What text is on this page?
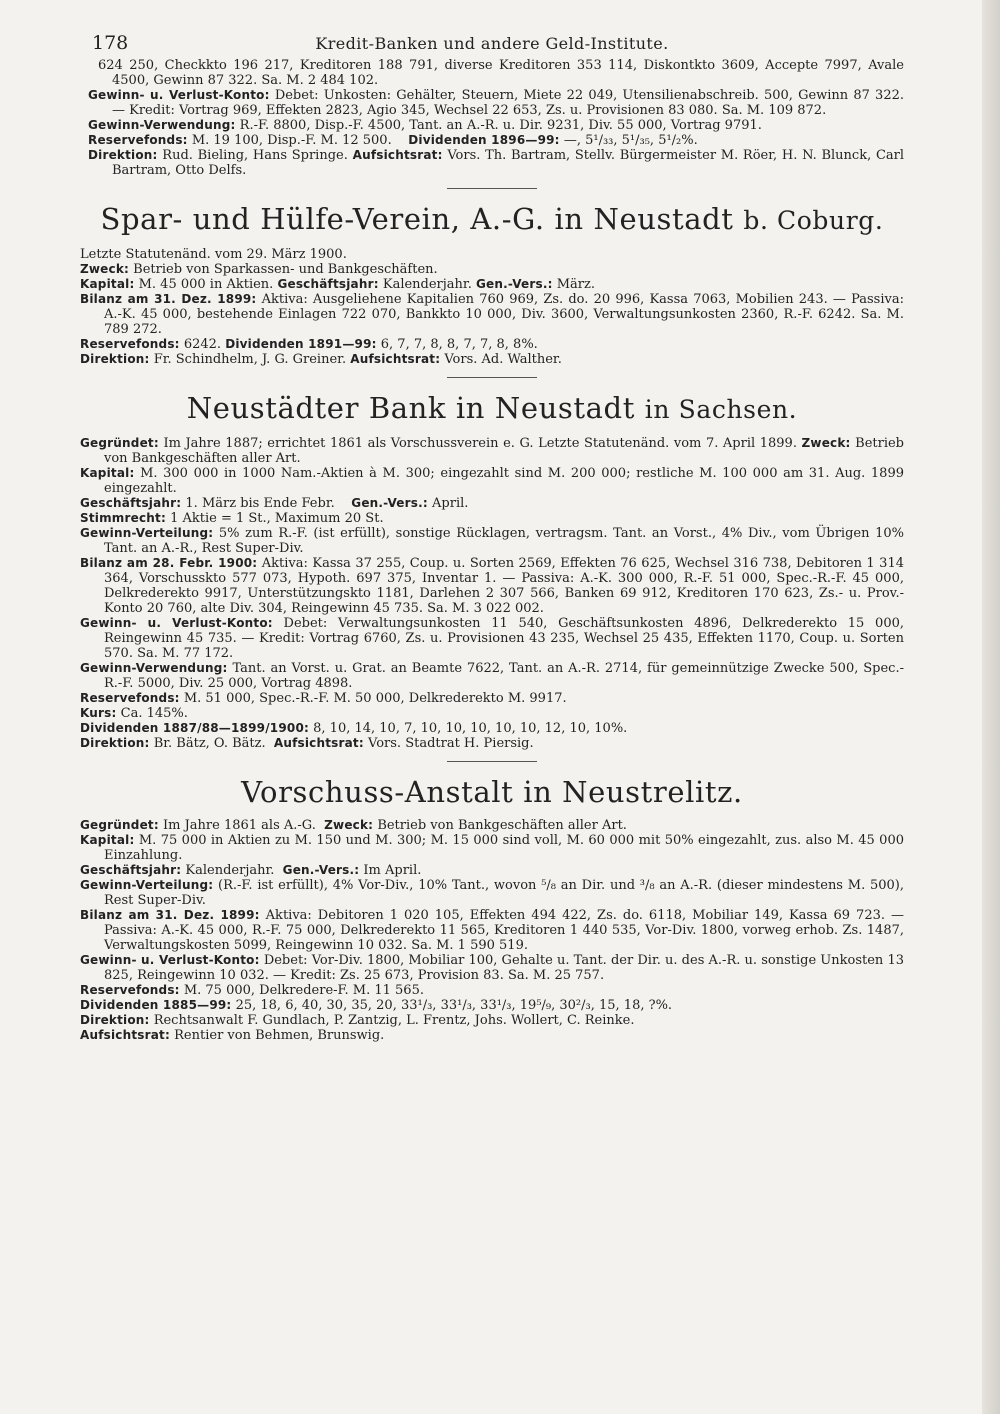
178	Kredit-Banken und andere Geld-Institute.

624 250, Checkkto 196 217, Kreditoren 188 791, diverse Kreditoren 353 114, Diskontkto 3609, Accepte 7997, Avale 4500, Gewinn 87 322. Sa. M. 2 484 102.

Gewinn- u. Verlust-Konto: Debet: Unkosten: Gehälter, Steuern, Miete 22 049, Utensilienabschreib. 500, Gewinn 87 322. — Kredit: Vortrag 969, Effekten 2823, Agio 345, Wechsel 22 653, Zs. u. Provisionen 83 080. Sa. M. 109 872.

Gewinn-Verwendung: R.-F. 8800, Disp.-F. 4500, Tant. an A.-R. u. Dir. 9231, Div. 55 000, Vortrag 9791.

Reservefonds: M. 19 100, Disp.-F. M. 12 500. Dividenden 1896—99: —, 5¹/₃₃, 5¹/₃₅, 5¹/₂%.

Direktion: Rud. Bieling, Hans Springe. Aufsichtsrat: Vors. Th. Bartram, Stellv. Bürgermeister M. Röer, H. N. Blunck, Carl Bartram, Otto Delfs.

Spar- und Hülfe-Verein, A.-G. in Neustadt b. Coburg.

Letzte Statutenänd. vom 29. März 1900.

Zweck: Betrieb von Sparkassen- und Bankgeschäften.

Kapital: M. 45 000 in Aktien. Geschäftsjahr: Kalenderjahr. Gen.-Vers.: März.

Bilanz am 31. Dez. 1899: Aktiva: Ausgeliehene Kapitalien 760 969, Zs. do. 20 996, Kassa 7063, Mobilien 243. — Passiva: A.-K. 45 000, bestehende Einlagen 722 070, Bankkto 10 000, Div. 3600, Verwaltungsunkosten 2360, R.-F. 6242. Sa. M. 789 272.

Reservefonds: 6242. Dividenden 1891—99: 6, 7, 7, 8, 8, 7, 7, 8, 8%.

Direktion: Fr. Schindhelm, J. G. Greiner. Aufsichtsrat: Vors. Ad. Walther.

Neustädter Bank in Neustadt in Sachsen.

Gegründet: Im Jahre 1887; errichtet 1861 als Vorschussverein e. G. Letzte Statutenänd. vom 7. April 1899. Zweck: Betrieb von Bankgeschäften aller Art.

Kapital: M. 300 000 in 1000 Nam.-Aktien à M. 300; eingezahlt sind M. 200 000; restliche M. 100 000 am 31. Aug. 1899 eingezahlt.

Geschäftsjahr: 1. März bis Ende Febr. Gen.-Vers.: April.

Stimmrecht: 1 Aktie = 1 St., Maximum 20 St.

Gewinn-Verteilung: 5% zum R.-F. (ist erfüllt), sonstige Rücklagen, vertragsm. Tant. an Vorst., 4% Div., vom Übrigen 10% Tant. an A.-R., Rest Super-Div.

Bilanz am 28. Febr. 1900: Aktiva: Kassa 37 255, Coup. u. Sorten 2569, Effekten 76 625, Wechsel 316 738, Debitoren 1 314 364, Vorschusskto 577 073, Hypoth. 697 375, Inventar 1. — Passiva: A.-K. 300 000, R.-F. 51 000, Spec.-R.-F. 45 000, Delkrederekto 9917, Unterstützungskto 1181, Darlehen 2 307 566, Banken 69 912, Kreditoren 170 623, Zs.- u. Prov.-Konto 20 760, alte Div. 304, Reingewinn 45 735. Sa. M. 3 022 002.

Gewinn- u. Verlust-Konto: Debet: Verwaltungsunkosten 11 540, Geschäftsunkosten 4896, Delkrederekto 15 000, Reingewinn 45 735. — Kredit: Vortrag 6760, Zs. u. Provisionen 43 235, Wechsel 25 435, Effekten 1170, Coup. u. Sorten 570. Sa. M. 77 172.

Gewinn-Verwendung: Tant. an Vorst. u. Grat. an Beamte 7622, Tant. an A.-R. 2714, für gemeinnützige Zwecke 500, Spec.-R.-F. 5000, Div. 25 000, Vortrag 4898.

Reservefonds: M. 51 000, Spec.-R.-F. M. 50 000, Delkrederekto M. 9917.

Kurs: Ca. 145%.

Dividenden 1887/88—1899/1900: 8, 10, 14, 10, 7, 10, 10, 10, 10, 10, 12, 10, 10%.

Direktion: Br. Bätz, O. Bätz. Aufsichtsrat: Vors. Stadtrat H. Piersig.

Vorschuss-Anstalt in Neustrelitz.

Gegründet: Im Jahre 1861 als A.-G. Zweck: Betrieb von Bankgeschäften aller Art.

Kapital: M. 75 000 in Aktien zu M. 150 und M. 300; M. 15 000 sind voll, M. 60 000 mit 50% eingezahlt, zus. also M. 45 000 Einzahlung.

Geschäftsjahr: Kalenderjahr. Gen.-Vers.: Im April.

Gewinn-Verteilung: (R.-F. ist erfüllt), 4% Vor-Div., 10% Tant., wovon ⁵/₈ an Dir. und ³/₈ an A.-R. (dieser mindestens M. 500), Rest Super-Div.

Bilanz am 31. Dez. 1899: Aktiva: Debitoren 1 020 105, Effekten 494 422, Zs. do. 6118, Mobiliar 149, Kassa 69 723. — Passiva: A.-K. 45 000, R.-F. 75 000, Delkrederekto 11 565, Kreditoren 1 440 535, Vor-Div. 1800, vorweg erhob. Zs. 1487, Verwaltungskosten 5099, Reingewinn 10 032. Sa. M. 1 590 519.

Gewinn- u. Verlust-Konto: Debet: Vor-Div. 1800, Mobiliar 100, Gehalte u. Tant. der Dir. u. des A.-R. u. sonstige Unkosten 13 825, Reingewinn 10 032. — Kredit: Zs. 25 673, Provision 83. Sa. M. 25 757.

Reservefonds: M. 75 000, Delkredere-F. M. 11 565.

Dividenden 1885—99: 25, 18, 6, 40, 30, 35, 20, 33¹/₃, 33¹/₃, 33¹/₃, 19⁵/₉, 30²/₃, 15, 18, ?%.

Direktion: Rechtsanwalt F. Gundlach, P. Zantzig, L. Frentz, Johs. Wollert, C. Reinke.

Aufsichtsrat: Rentier von Behmen, Brunswig.
